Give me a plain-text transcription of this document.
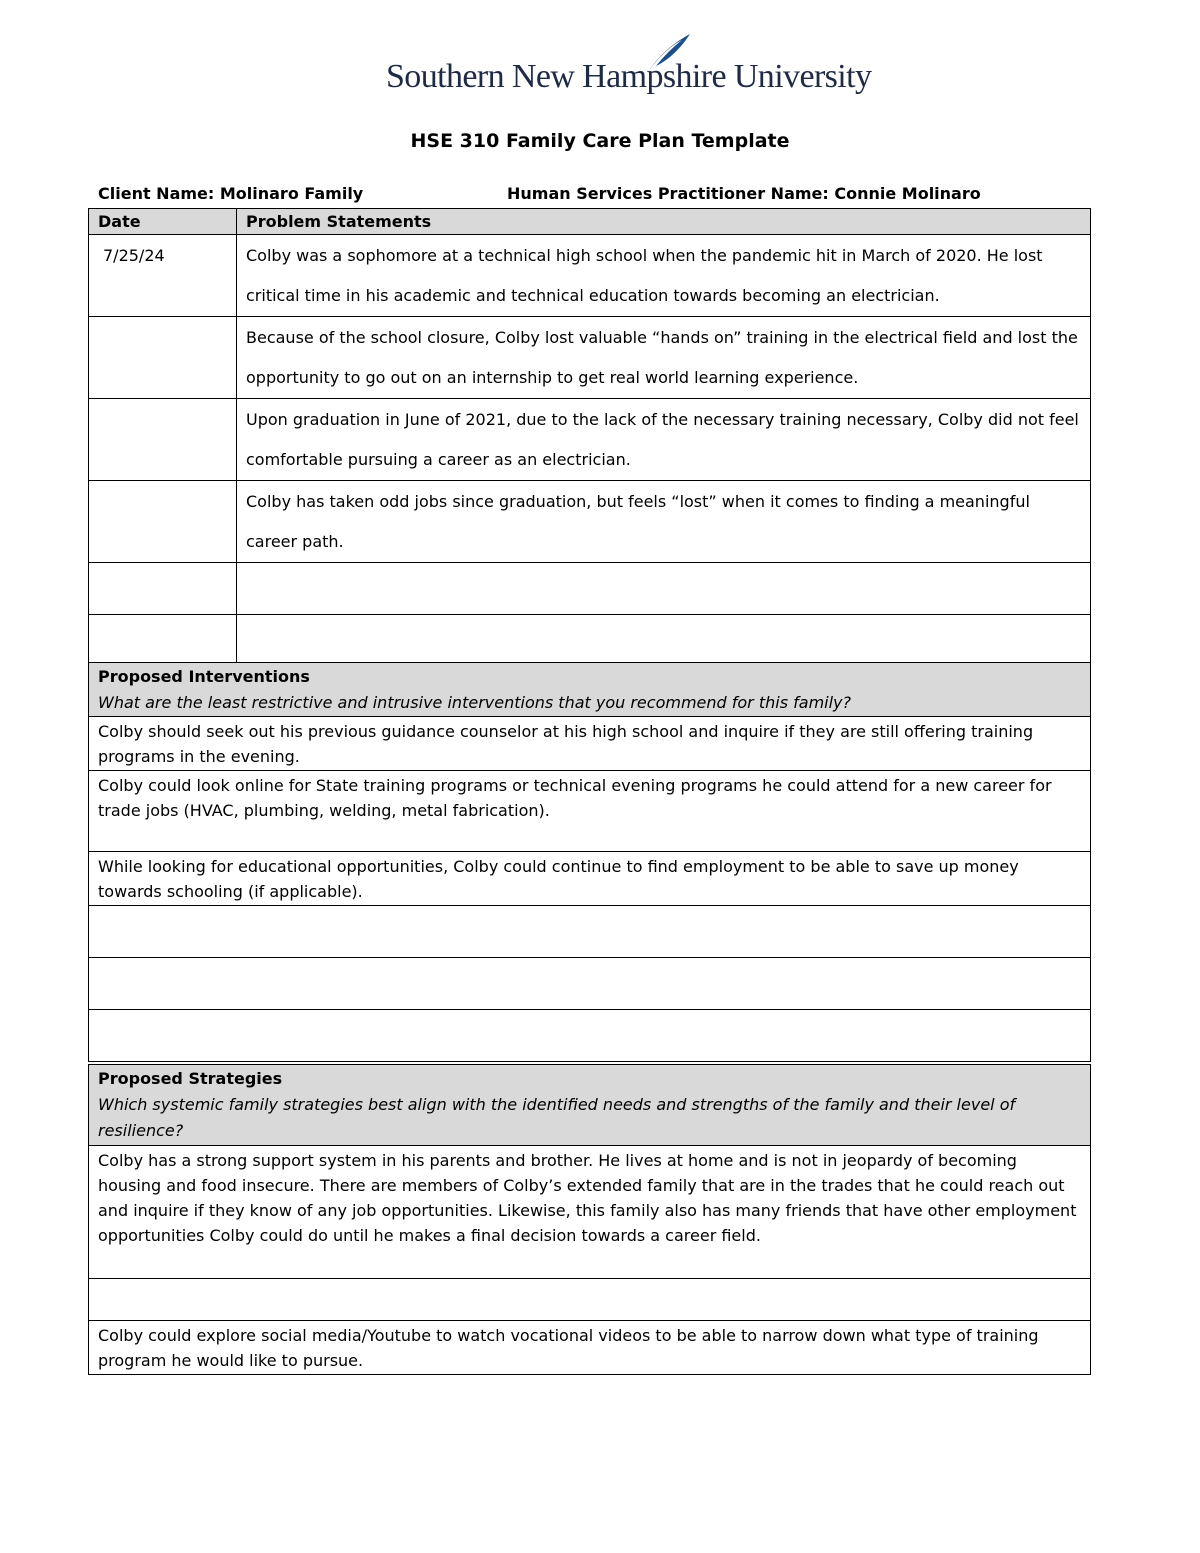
Southern New Hampshire University
HSE 310 Family Care Plan Template
Client Name: Molinaro Family	Human Services Practitioner Name: Connie Molinaro
Date	Problem Statements
7/25/24	Colby was a sophomore at a technical high school when the pandemic hit in March of 2020. He lost critical time in his academic and technical education towards becoming an electrician.
	Because of the school closure, Colby lost valuable “hands on” training in the electrical field and lost the opportunity to go out on an internship to get real world learning experience.
	Upon graduation in June of 2021, due to the lack of the necessary training necessary, Colby did not feel comfortable pursuing a career as an electrician.
	Colby has taken odd jobs since graduation, but feels “lost” when it comes to finding a meaningful career path.

Proposed Interventions
What are the least restrictive and intrusive interventions that you recommend for this family?

Colby should seek out his previous guidance counselor at his high school and inquire if they are still offering training programs in the evening.
Colby could look online for State training programs or technical evening programs he could attend for a new career for trade jobs (HVAC, plumbing, welding, metal fabrication).
While looking for educational opportunities, Colby could continue to find employment to be able to save up money towards schooling (if applicable).

Proposed Strategies
Which systemic family strategies best align with the identified needs and strengths of the family and their level of resilience?

Colby has a strong support system in his parents and brother. He lives at home and is not in jeopardy of becoming housing and food insecure. There are members of Colby’s extended family that are in the trades that he could reach out and inquire if they know of any job opportunities. Likewise, this family also has many friends that have other employment opportunities Colby could do until he makes a final decision towards a career field.

Colby could explore social media/Youtube to watch vocational videos to be able to narrow down what type of training program he would like to pursue.
